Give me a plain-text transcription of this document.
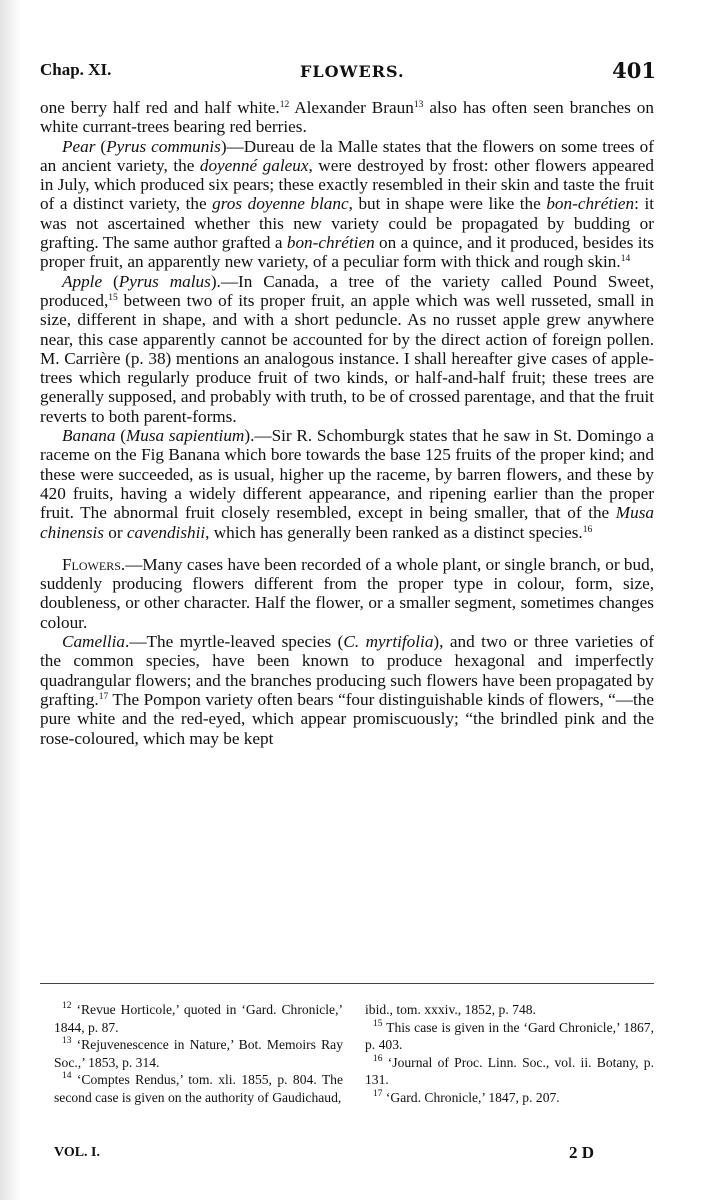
Chap. XI.	FLOWERS.	401

one berry half red and half white.$^{12}$ Alexander Braun$^{13}$ also has often seen branches on white currant-trees bearing red berries.

Pear (Pyrus communis)—Dureau de la Malle states that the flowers on some trees of an ancient variety, the doyenné galeux, were destroyed by frost: other flowers appeared in July, which produced six pears; these exactly resembled in their skin and taste the fruit of a distinct variety, the gros doyenne blanc, but in shape were like the bon-chrétien: it was not ascertained whether this new variety could be propagated by budding or grafting. The same author grafted a bon-chrétien on a quince, and it produced, besides its proper fruit, an apparently new variety, of a peculiar form with thick and rough skin.$^{14}$

Apple (Pyrus malus).—In Canada, a tree of the variety called Pound Sweet, produced,$^{15}$ between two of its proper fruit, an apple which was well russeted, small in size, different in shape, and with a short peduncle. As no russet apple grew anywhere near, this case apparently cannot be accounted for by the direct action of foreign pollen. M. Carrière (p. 38) mentions an analogous instance. I shall hereafter give cases of apple-trees which regularly produce fruit of two kinds, or half-and-half fruit; these trees are generally supposed, and probably with truth, to be of crossed parentage, and that the fruit reverts to both parent-forms.

Banana (Musa sapientium).—Sir R. Schomburgk states that he saw in St. Domingo a raceme on the Fig Banana which bore towards the base 125 fruits of the proper kind; and these were succeeded, as is usual, higher up the raceme, by barren flowers, and these by 420 fruits, having a widely different appearance, and ripening earlier than the proper fruit. The abnormal fruit closely resembled, except in being smaller, that of the Musa chinensis or cavendishii, which has generally been ranked as a distinct species.$^{16}$

Flowers.—Many cases have been recorded of a whole plant, or single branch, or bud, suddenly producing flowers different from the proper type in colour, form, size, doubleness, or other character. Half the flower, or a smaller segment, sometimes changes colour.

Camellia.—The myrtle-leaved species (C. myrtifolia), and two or three varieties of the common species, have been known to produce hexagonal and imperfectly quadrangular flowers; and the branches producing such flowers have been propagated by grafting.$^{17}$ The Pompon variety often bears “four distinguishable kinds of flowers, “—the pure white and the red-eyed, which appear promiscuously; “the brindled pink and the rose-coloured, which may be kept

$^{12}$ ‘Revue Horticole,’ quoted in ‘Gard. Chronicle,’ 1844, p. 87.

$^{13}$ ‘Rejuvenescence in Nature,’ Bot. Memoirs Ray Soc.,’ 1853, p. 314.

$^{14}$ ‘Comptes Rendus,’ tom. xli. 1855, p. 804. The second case is given on the authority of Gaudichaud,

ibid., tom. xxxiv., 1852, p. 748.

$^{15}$ This case is given in the ‘Gard Chronicle,’ 1867, p. 403.

$^{16}$ ‘Journal of Proc. Linn. Soc., vol. ii. Botany, p. 131.

$^{17}$ ‘Gard. Chronicle,’ 1847, p. 207.

VOL. I.	2 D
